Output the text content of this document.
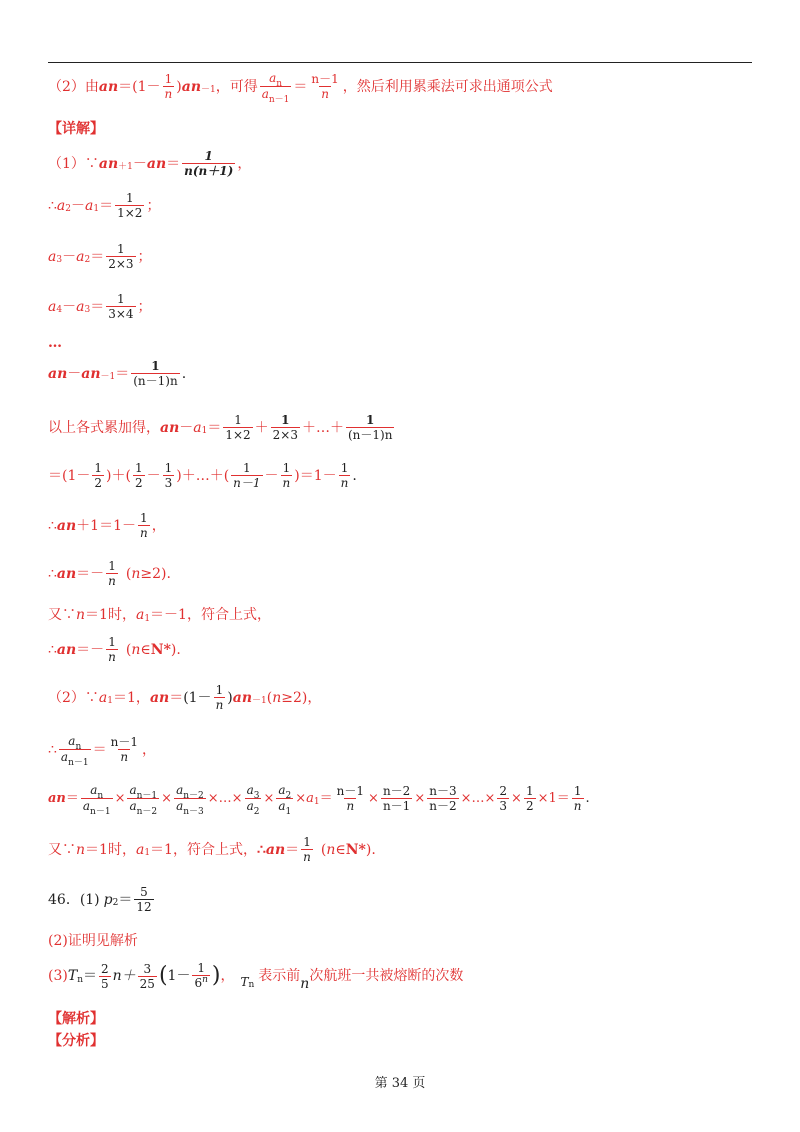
（2）由 an $=(1- \frac{1}{n}$ ) an －1 ，可得 $\frac{a_n}{a_{n-1}} = \frac{n-1}{n}$ ，然后利用累乘法可求出通项公式
【详解】
（1）∵ an ＋1 － an ＝ $\frac{1}{n(n+1)}$ ，
∴ a 2 － a $1 = \frac{1}{1\times 2}$ ；
a 3 － a $2 = \frac{1}{2\times 3}$ ；
a 4 － a $3 = \frac{1}{3\times 4}$ ；
…
an － an $-1 = \frac{1}{(n-1)n}$ .
以上各式累加得， an － a $1 = \frac{1}{1\times 2} + \frac{1}{2\times 3}$ ＋…＋ $\frac{1}{(n-1)n}$
$=(1- \frac{1}{2}$ )＋( $\frac{1}{2} - \frac{1}{3}$ )＋…＋( $\frac{1}{n-1} - \frac{1}{n} )=1- \frac{1}{n}$ .
∴ an $+1=1- \frac{1}{n}$ ，
∴ an ＝－ $\frac{1}{n}$ ( n ≥2).
又∵ n ＝1时， a 1 ＝－1，符合上式，
∴ an ＝－ $\frac{1}{n}$ ( n ∈ N* ).
（2）∵ a 1 ＝1， an ＝ ($1- \frac{1}{n}$ ) an －1 ( n ≥2)，
∴ $\frac{a_n}{a_{n-1}} = \frac{n-1}{n}$ ，
an ＝ $\frac{a_n}{a_{n-1}} \times \frac{a_{n-1}}{a_{n-2}} \times \frac{a_{n-2}}{a_{n-3}}$ ×…× $\frac{a_3}{a_2} \times \frac{a_2}{a_1} \times a$ $1 = \frac{n-1}{n} \times \frac{n-2}{n-1} \times \frac{n-3}{n-2}$ ×…× $\frac{2}{3} \times \frac{1}{2} \times 1= \frac{1}{n}$ .
又∵ n ＝1时， a 1 ＝1，符合上式， ∴ an ＝ $\frac{1}{n}$ ( n ∈ N* ).
46．(1) p $2 = \frac{5}{12}$
(2)证明见解析
(3) T $n = \frac{2}{5} n+ \frac{3}{25}$ ( $1- \frac{1}{6^n}$ ) ， T n
表示前 n 次航班一共被熔断的次数
【解析】
【分析】
第 34 页
